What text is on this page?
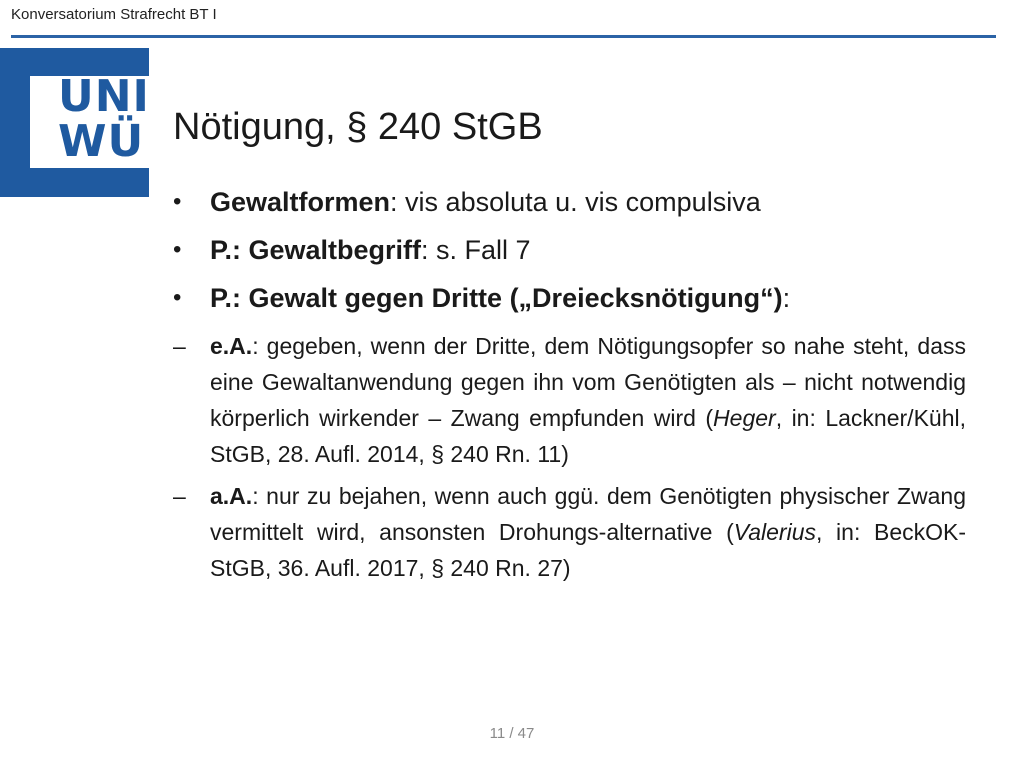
Konversatorium Strafrecht BT I
UNI
WÜ Nötigung, § 240 StGB
• Gewaltformen: vis absoluta u. vis compulsiva
• P.: Gewaltbegriff: s. Fall 7
• P.: Gewalt gegen Dritte („Dreiecksnötigung“):
– e.A.: gegeben, wenn der Dritte, dem Nötigungsopfer so nahe steht, dass eine Gewaltanwendung gegen ihn vom Genötigten als – nicht notwendig körperlich wirkender – Zwang empfunden wird (Heger, in: Lackner/Kühl, StGB, 28. Aufl. 2014, § 240 Rn. 11)
– a.A.: nur zu bejahen, wenn auch ggü. dem Genötigten physischer Zwang vermittelt wird, ansonsten Drohungs-alternative (Valerius, in: BeckOK-StGB, 36. Aufl. 2017, § 240 Rn. 27)
11 / 47
